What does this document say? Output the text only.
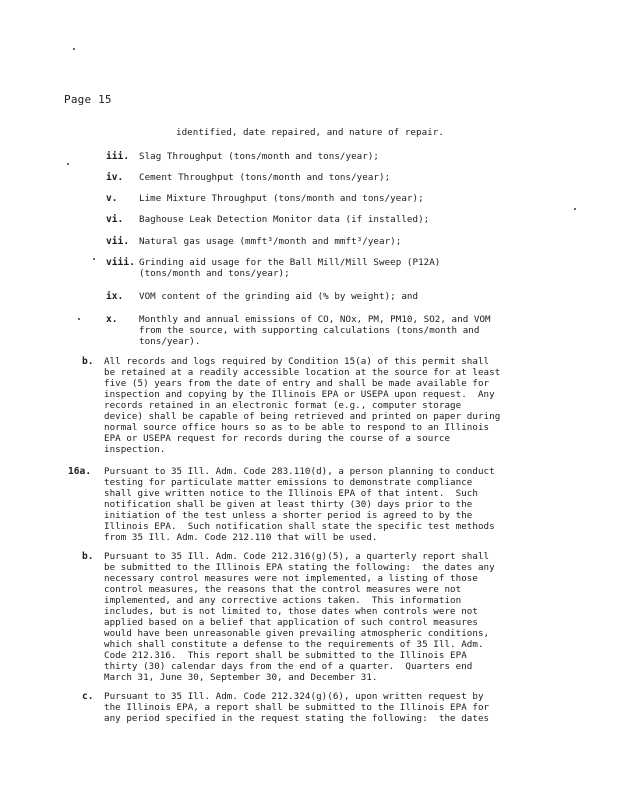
Page 15
identified, date repaired, and nature of repair.
iii. Slag Throughput (tons/month and tons/year);
iv. Cement Throughput (tons/month and tons/year);
v. Lime Mixture Throughput (tons/month and tons/year);
vi. Baghouse Leak Detection Monitor data (if installed);
vii. Natural gas usage (mmft³/month and mmft³/year);
viii. Grinding aid usage for the Ball Mill/Mill Sweep (P12A)
(tons/month and tons/year);
ix. VOM content of the grinding aid (% by weight); and
x. Monthly and annual emissions of CO, NOx, PM, PM10, SO2, and VOM
from the source, with supporting calculations (tons/month and
tons/year).
b. All records and logs required by Condition 15(a) of this permit shall
be retained at a readily accessible location at the source for at least
five (5) years from the date of entry and shall be made available for
inspection and copying by the Illinois EPA or USEPA upon request.  Any
records retained in an electronic format (e.g., computer storage
device) shall be capable of being retrieved and printed on paper during
normal source office hours so as to be able to respond to an Illinois
EPA or USEPA request for records during the course of a source
inspection.
16a. Pursuant to 35 Ill. Adm. Code 283.110(d), a person planning to conduct
testing for particulate matter emissions to demonstrate compliance
shall give written notice to the Illinois EPA of that intent.  Such
notification shall be given at least thirty (30) days prior to the
initiation of the test unless a shorter period is agreed to by the
Illinois EPA.  Such notification shall state the specific test methods
from 35 Ill. Adm. Code 212.110 that will be used.
b. Pursuant to 35 Ill. Adm. Code 212.316(g)(5), a quarterly report shall
be submitted to the Illinois EPA stating the following:  the dates any
necessary control measures were not implemented, a listing of those
control measures, the reasons that the control measures were not
implemented, and any corrective actions taken.  This information
includes, but is not limited to, those dates when controls were not
applied based on a belief that application of such control measures
would have been unreasonable given prevailing atmospheric conditions,
which shall constitute a defense to the requirements of 35 Ill. Adm.
Code 212.316.  This report shall be submitted to the Illinois EPA
thirty (30) calendar days from the end of a quarter.  Quarters end
March 31, June 30, September 30, and December 31.
c. Pursuant to 35 Ill. Adm. Code 212.324(g)(6), upon written request by
the Illinois EPA, a report shall be submitted to the Illinois EPA for
any period specified in the request stating the following:  the dates
